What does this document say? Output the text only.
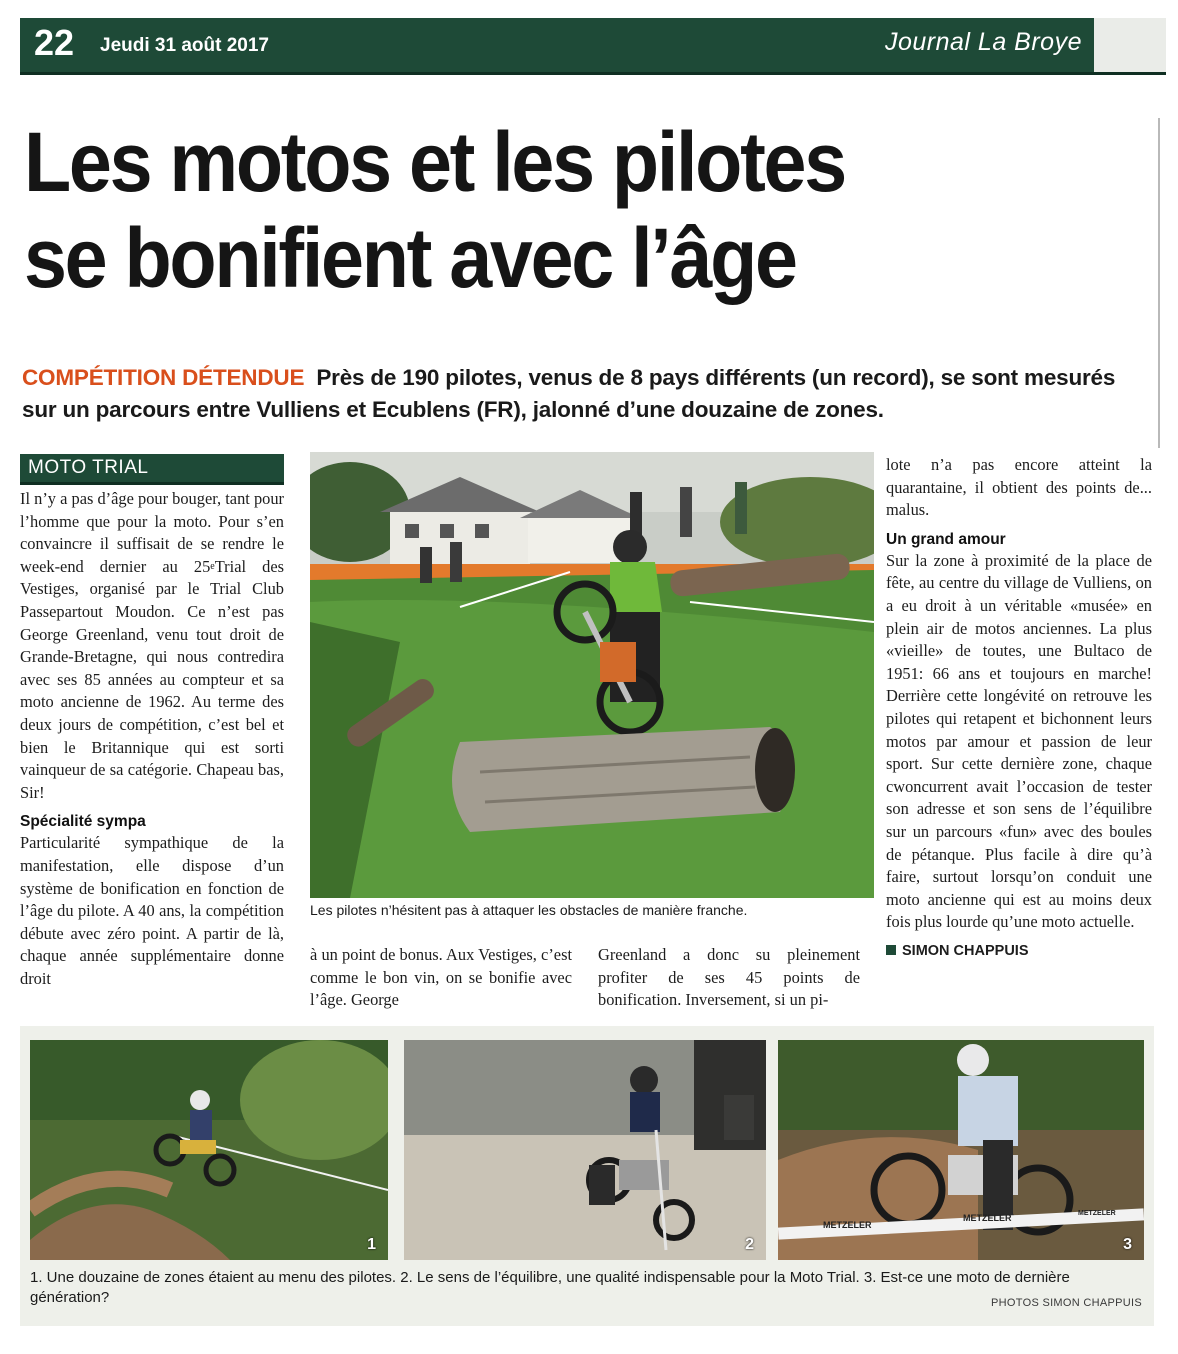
22 Jeudi 31 août 2017	Journal La Broye
Les motos et les pilotes
se bonifient avec l’âge

COMPÉTITION DÉTENDUE Près de 190 pilotes, venus de 8 pays différents (un record), se sont mesurés sur un parcours entre Vulliens et Ecublens (FR), jalonné d’une douzaine de zones.

MOTO TRIAL

Il n’y a pas d’âge pour bouger, tant pour l’homme que pour la moto. Pour s’en convaincre il suffisait de se rendre le week-end dernier au 25eTrial des Vestiges, organisé par le Trial Club Passepartout Moudon. Ce n’est pas George Greenland, venu tout droit de Grande-Bretagne, qui nous contredira avec ses 85 années au compteur et sa moto ancienne de 1962. Au terme des deux jours de compétition, c’est bel et bien le Britannique qui est sorti vainqueur de sa catégorie. Chapeau bas, Sir!

Spécialité sympa

Particularité sympathique de la manifestation, elle dispose d’un système de bonification en fonction de l’âge du pilote. A 40 ans, la compétition débute avec zéro point. A partir de là, chaque année supplémentaire donne droit

Les pilotes n’hésitent pas à attaquer les obstacles de manière franche.

à un point de bonus. Aux Vestiges, c’est comme le bon vin, on se bonifie avec l’âge. George

Greenland a donc su pleinement profiter de ses 45 points de bonification. Inversement, si un pi-

lote n’a pas encore atteint la quarantaine, il obtient des points de... malus.

Un grand amour

Sur la zone à proximité de la place de fête, au centre du village de Vulliens, on a eu droit à un véritable «musée» en plein air de motos anciennes. La plus «vieille» de toutes, une Bultaco de 1951: 66 ans et toujours en marche! Derrière cette longévité on retrouve les pilotes qui retapent et bichonnent leurs motos par amour et passion de leur sport. Sur cette dernière zone, chaque cwoncurrent avait l’occasion de tester son adresse et son sens de l’équilibre sur un parcours «fun» avec des boules de pétanque. Plus facile à dire qu’à faire, surtout lorsqu’on conduit une moto ancienne qui est au moins deux fois plus lourde qu’une moto actuelle.

SIMON CHAPPUIS

1	2
METZELER
METZELER	METZELER
3

1. Une douzaine de zones étaient au menu des pilotes. 2. Le sens de l’équilibre, une qualité indispensable pour la Moto Trial. 3. Est-ce une moto de dernière génération?	PHOTOS SIMON CHAPPUIS
